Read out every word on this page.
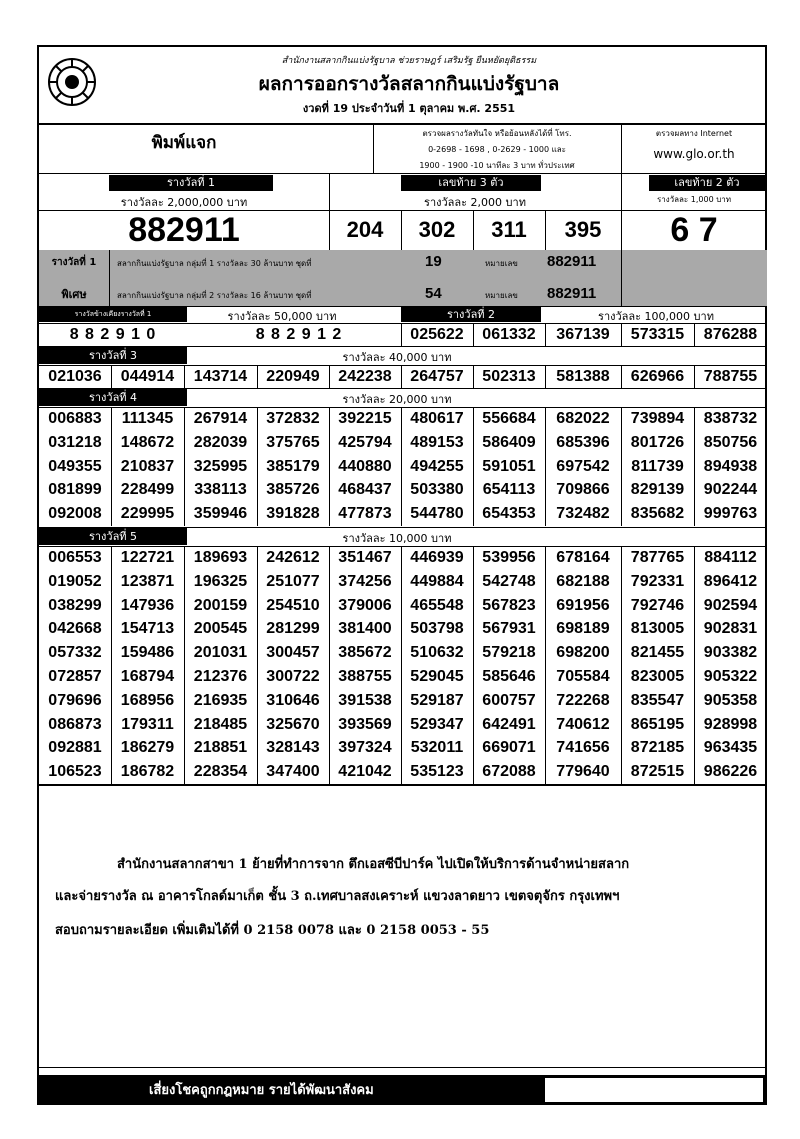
สำนักงานสลากกินแบ่งรัฐบาล ช่วยราษฎร์ เสริมรัฐ ยืนหยัดยุติธรรม
ผลการออกรางวัลสลากกินแบ่งรัฐบาล
งวดที่ 19 ประจำวันที่ 1 ตุลาคม พ.ศ. 2551
พิมพ์แจก	ตรวจผลรางวัลทันใจ หรือย้อนหลังได้ที่ โทร.
0-2698 - 1698 , 0-2629 - 1000 และ
1900 - 1900 -10 นาทีละ 3 บาท ทั่วประเทศ
ตรวจผลทาง Internet
www.glo.or.th
รางวัลที่ 1	เลขท้าย 3 ตัว	เลขท้าย 2 ตัว
รางวัลละ 2,000,000 บาท	รางวัลละ 2,000 บาท	รางวัลละ 1,000 บาท
882911	204	302	311	395	6 7
รางวัลที่ 1
พิเศษ
สลากกินแบ่งรัฐบาล กลุ่มที่ 1 รางวัลละ 30 ล้านบาท ชุดที่	19	หมายเลข 882911
สลากกินแบ่งรัฐบาล กลุ่มที่ 2 รางวัลละ 16 ล้านบาท ชุดที่	54	หมายเลข 882911
รางวัลข้างเคียงรางวัลที่ 1	รางวัลละ 50,000 บาท	รางวัลที่ 2	รางวัลละ 100,000 บาท
8 8 2 9 1 0	8 8 2 9 1 2	025622	061332	367139	573315	876288
รางวัลที่ 3	รางวัลละ 40,000 บาท
021036	044914	143714	220949	242238	264757	502313	581388	626966	788755
รางวัลที่ 4	รางวัลละ 20,000 บาท
006883	111345	267914	372832	392215	480617	556684	682022	739894	838732
031218	148672	282039	375765	425794	489153	586409	685396	801726	850756
049355	210837	325995	385179	440880	494255	591051	697542	811739	894938
081899	228499	338113	385726	468437	503380	654113	709866	829139	902244
092008	229995	359946	391828	477873	544780	654353	732482	835682	999763
รางวัลที่ 5	รางวัลละ 10,000 บาท
006553	122721	189693	242612	351467	446939	539956	678164	787765	884112
019052	123871	196325	251077	374256	449884	542748	682188	792331	896412
038299	147936	200159	254510	379006	465548	567823	691956	792746	902594
042668	154713	200545	281299	381400	503798	567931	698189	813005	902831
057332	159486	201031	300457	385672	510632	579218	698200	821455	903382
072857	168794	212376	300722	388755	529045	585646	705584	823005	905322
079696	168956	216935	310646	391538	529187	600757	722268	835547	905358
086873	179311	218485	325670	393569	529347	642491	740612	865195	928998
092881	186279	218851	328143	397324	532011	669071	741656	872185	963435
106523	186782	228354	347400	421042	535123	672088	779640	872515	986226
สำนักงานสลากสาขา 1 ย้ายที่ทำการจาก ตึกเอสซีบีปาร์ค ไปเปิดให้บริการด้านจำหน่ายสลาก
และจ่ายรางวัล ณ อาคารโกลด์มาเก็ต ชั้น 3 ถ.เทศบาลสงเคราะห์ แขวงลาดยาว เขตจตุจักร กรุงเทพฯ
สอบถามรายละเอียด เพิ่มเติมได้ที่ 0 2158 0078 และ 0 2158 0053 - 55
เสี่ยงโชคถูกกฎหมาย รายได้พัฒนาสังคม
